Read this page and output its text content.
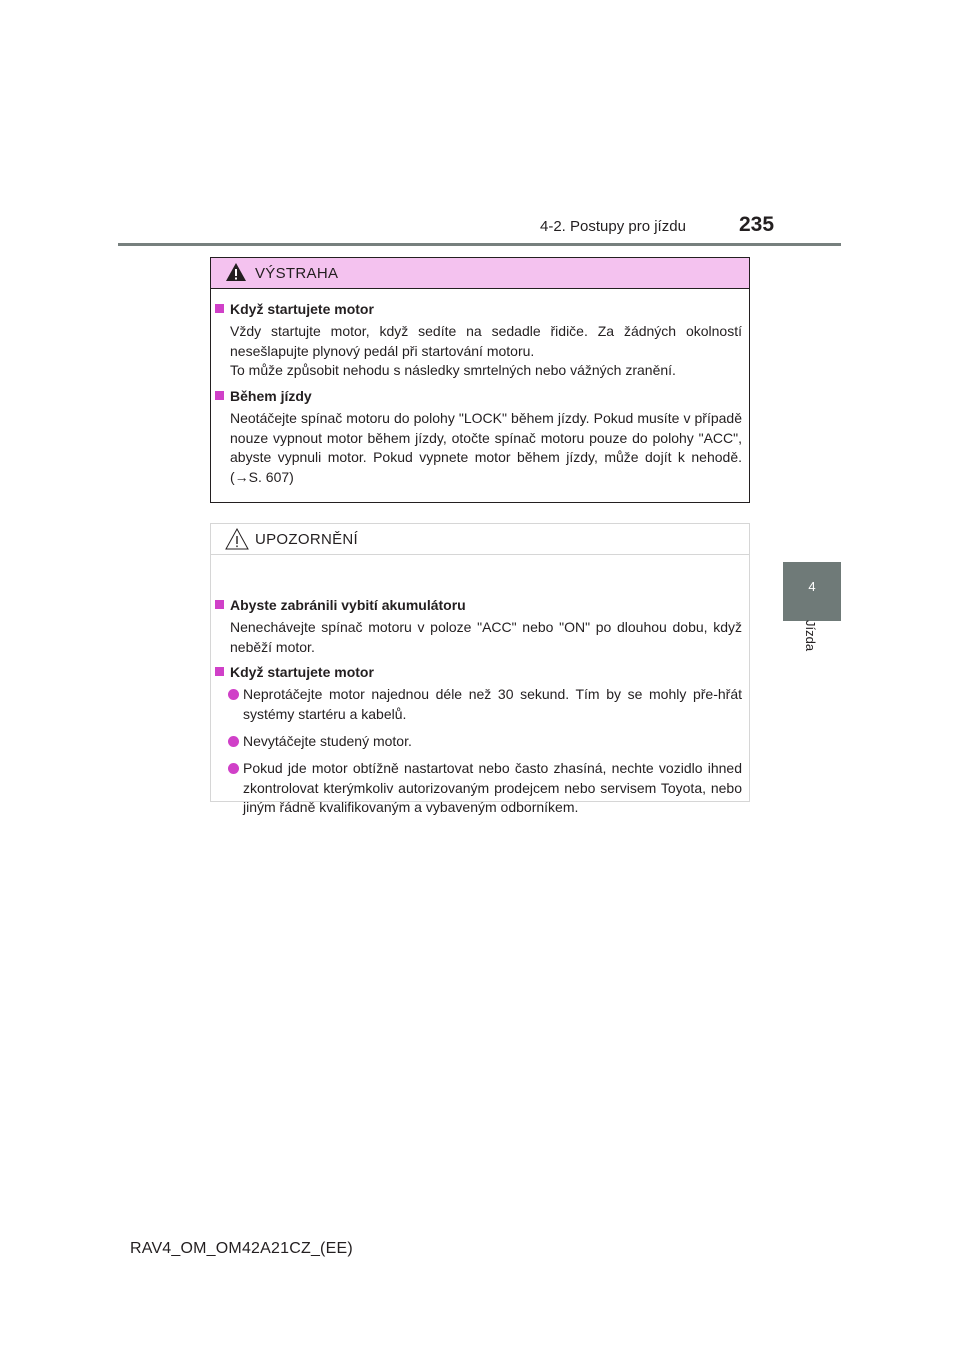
4-2. Postupy pro jízdu	235
4
Jízda
VÝSTRAHA
Když startujete motor
Vždy startujte motor, když sedíte na sedadle řidiče. Za žádných okolností nesešlapujte plynový pedál při startování motoru.
To může způsobit nehodu s následky smrtelných nebo vážných zranění.
Během jízdy
Neotáčejte spínač motoru do polohy "LOCK" během jízdy. Pokud musíte v případě nouze vypnout motor během jízdy, otočte spínač motoru pouze do polohy "ACC", abyste vypnuli motor. Pokud vypnete motor během jízdy, může dojít k nehodě. (→S. 607)
UPOZORNĚNÍ
Abyste zabránili vybití akumulátoru
Nenechávejte spínač motoru v poloze "ACC" nebo "ON" po dlouhou dobu, když neběží motor.
Když startujete motor
Neprotáčejte motor najednou déle než 30 sekund. Tím by se mohly pře-hřát systémy startéru a kabelů.
Nevytáčejte studený motor.
Pokud jde motor obtížně nastartovat nebo často zhasíná, nechte vozidlo ihned zkontrolovat kterýmkoliv autorizovaným prodejcem nebo servisem Toyota, nebo jiným řádně kvalifikovaným a vybaveným odborníkem.
RAV4_OM_OM42A21CZ_(EE)
